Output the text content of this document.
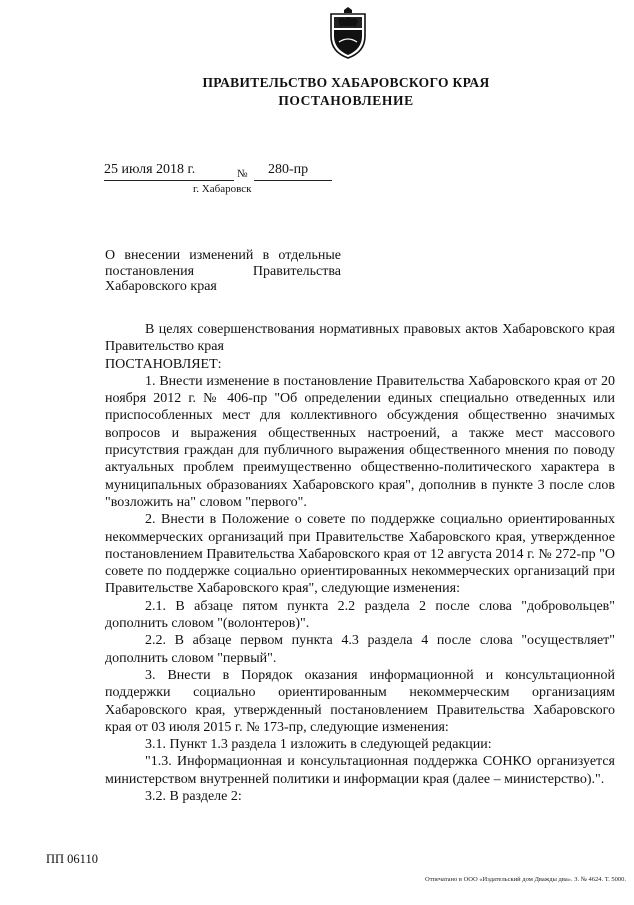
ПРАВИТЕЛЬСТВО ХАБАРОВСКОГО КРАЯ
ПОСТАНОВЛЕНИЕ
25 июля 2018 г.	№ 280-пр
г. Хабаровск
О внесении изменений в отдельные постановления Правительства Хабаровского края

В целях совершенствования нормативных правовых актов Хабаровского края Правительство края

ПОСТАНОВЛЯЕТ:

1. Внести изменение в постановление Правительства Хабаровского края от 20 ноября 2012 г. № 406-пр "Об определении единых специально отведенных или приспособленных мест для коллективного обсуждения общественно значимых вопросов и выражения общественных настроений, а также мест массового присутствия граждан для публичного выражения общественного мнения по поводу актуальных проблем преимущественно общественно-политического характера в муниципальных образованиях Хабаровского края", дополнив в пункте 3 после слов "возложить на" словом "первого".

2. Внести в Положение о совете по поддержке социально ориентированных некоммерческих организаций при Правительстве Хабаровского края, утвержденное постановлением Правительства Хабаровского края от 12 августа 2014 г. № 272-пр "О совете по поддержке социально ориентированных некоммерческих организаций при Правительстве Хабаровского края", следующие изменения:

2.1. В абзаце пятом пункта 2.2 раздела 2 после слова "добровольцев" дополнить словом "(волонтеров)".

2.2. В абзаце первом пункта 4.3 раздела 4 после слова "осуществляет" дополнить словом "первый".

3. Внести в Порядок оказания информационной и консультационной поддержки социально ориентированным некоммерческим организациям Хабаровского края, утвержденный постановлением Правительства Хабаровского края от 03 июля 2015 г. № 173-пр, следующие изменения:

3.1. Пункт 1.3 раздела 1 изложить в следующей редакции:

"1.3. Информационная и консультационная поддержка СОНКО организуется министерством внутренней политики и информации края (далее – министерство).".

3.2. В разделе 2:

ПП 06110
Отпечатано в ООО «Издательский дом Дважды два». З. № 4624. Т. 5000.
